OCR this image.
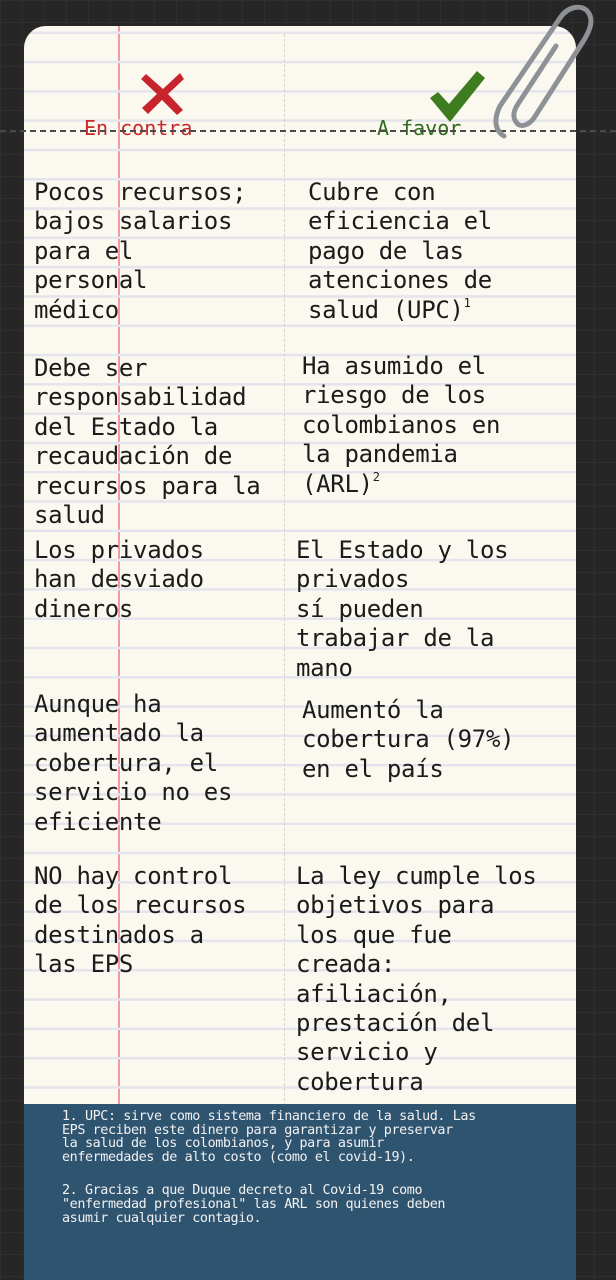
En contra	A favor
Pocos recursos;
bajos salarios
para el
personal
médico
Cubre con
eficiencia el
pago de las
atenciones de
salud (UPC)$^1$
Debe ser
responsabilidad
del Estado la
recaudación de
recursos para la
salud
Ha asumido el
riesgo de los
colombianos en
la pandemia
(ARL)$^2$
Los privados
han desviado
dineros
El Estado y los
privados
sí pueden
trabajar de la
mano
Aunque ha
aumentado la
cobertura, el
servicio no es
eficiente
Aumentó la
cobertura (97%)
en el país
NO hay control
de los recursos
destinados a
las EPS
La ley cumple los
objetivos para
los que fue
creada:
afiliación,
prestación del
servicio y
cobertura

1. UPC: sirve como sistema financiero de la salud. Las
EPS reciben este dinero para garantizar y preservar
la salud de los colombianos, y para asumir
enfermedades de alto costo (como el covid-19).

2. Gracias a que Duque decreto al Covid-19 como
"enfermedad profesional" las ARL son quienes deben
asumir cualquier contagio.
